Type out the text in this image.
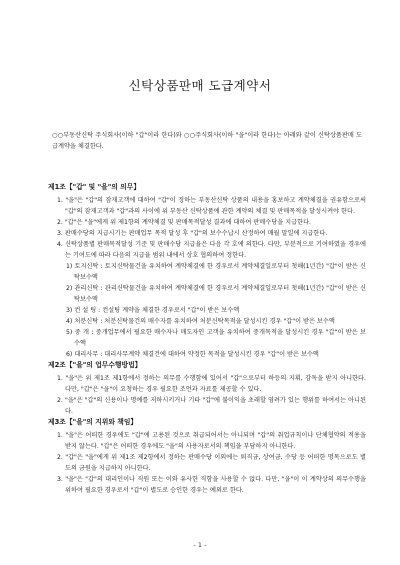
신탁상품판매 도급계약서
○○부동산신탁 주식회사(이하 "갑"이라 한다)와 ○○주식회사(이하 "을"이라 한다)는 아래와 같이 신탁상품판매 도급계약을 체결한다.
제1조【"갑" 및 "을"의 의무】
1. "을"은 "갑"의 잠재고객에 대하여 "갑"이 정하는 부동산신탁 상품의 내용을 홍보하고 계약체결을 권유함으로써 "갑"의 잠재고객과 "갑"과의 사이에 위 부동산 신탁상품에 관한 계약의 체결 및 판매목적을 달성시켜야 한다.
2. "갑"은 "을"에게 위 제1항의 계약체결 및 판매목적달성 결과에 대하여 판매수당을 지급한다.
3. 판매수당의 지급시기는 판매업무 목적 달성 후 "갑"의 보수수납시 산정하여 매월 말일에 지급한다.
4. 신탁상품별 판매목적달성 기준 및 판매수당 지급율은 다음 각 호에 의한다. 다만, 부분적으로 기여하였을 경우에는 기여도에 따라 다음의 지급율 범위 내에서 상호 협의하여 정한다.
1) 토지신탁 : 토지신탁물건을 유치하여 계약체결에 한 경우로서 계약체결일로부터 첫해(1년간) "갑"이 받은 신탁보수액
2) 관리신탁 : 관리신탁물건을 유치하여 계약체결에 한 경우로서 계약체결일로부터 첫해(1년간) "갑"이 받은 신탁보수액
3) 컨 설 팅 : 컨설팅 계약을 체결한 경우로서 "갑"이 받은 보수액
4) 처분신탁 : 처분신탁물건의 매수자를 유치하여 처분신탁목적을 달성시킨 경우 "갑"이 받은 보수액
5) 중 개 : 중개업무에서 필요한 매수자나 매도자인 고객을 유치하여 중개목적을 달성시킨 경우 "갑"이 받은 보수액
6) 대리사무 : 대리사무계약 체결건에 대하여 약정한 목적을 달성시킨 경우 "갑"이 받은 보수액
제2조【"을"의 업무수행방법】
1. "을"은 위 제1조 제1항에서 정하는 의무를 수행함에 있어서 "갑"으로부터 하등의 지휘, 감독을 받지 아니한다. 다만, "갑"은 "을"이 요청하는 경우 필요한 조언과 자료를 제공할 수 있다.
2. "을"은 "갑"의 신용이나 명예를 저하시키거나 기타 "갑"에 불이익을 초래할 염려가 있는 행위를 하여서는 아니된다.
제3조【"을"의 지위와 책임】
1. "을"은 어떠한 경우에도 "갑"에 고용된 것으로 취급되어서는 아니되며 "갑"의 취업규칙이나 단체협약의 적용을 받지 않는다. "갑"은 어떠한 경우에도 "을"의 사용자로서의 책임을 부담하지 아니한다.
2. "갑"은 "을"에게 위 제1조 제2항에서 정하는 판매수당 이외에는 퇴직금, 상여금, 수당 등 어떠한 명목으로도 별도의 금원을 지급하지 아니한다.
3. "을"은 "갑"의 대리인이나 직원 또는 이와 유사한 직함을 사용할 수 없다. 다만, "을"이 이 계약상의 의무수행을 위하여 필요한 경우로서 "갑"이 별도로 승인한 경우는 예외로 한다.
- 1 -
